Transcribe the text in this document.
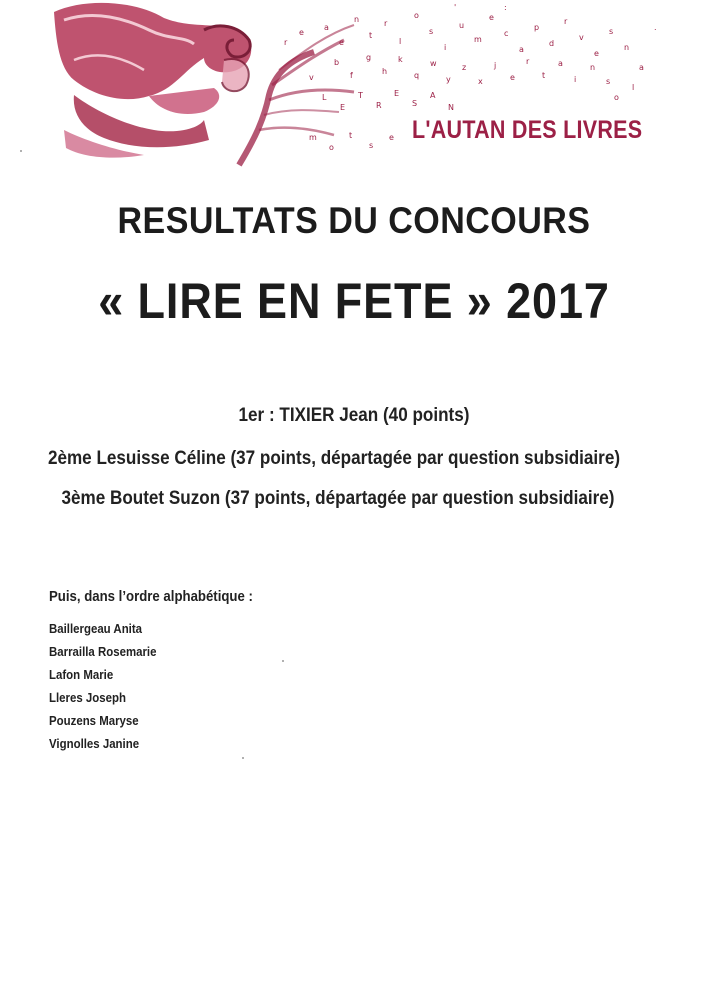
a
e
n
t
r
l
o
s
i
u
m
e
c
a
p
d
r
v
e
s
n
a
l
o
b
f
g
h
k
q
w
y
z
x
j
e
r
t
a
i
n
s
L
E
T
R
E
S
A
N
m
o
t
s
e
r
e
v
.
:
'
L'AUTAN DES LIVRES
RESULTATS DU CONCOURS
« LIRE EN FETE » 2017
1er : TIXIER Jean (40 points)
2ème Lesuisse Céline (37 points, départagée par question subsidiaire)
3ème Boutet Suzon (37 points, départagée par question subsidiaire)
Puis, dans l’ordre alphabétique :
Baillergeau Anita
Barrailla Rosemarie
Lafon Marie
Lleres Joseph
Pouzens Maryse
Vignolles Janine
